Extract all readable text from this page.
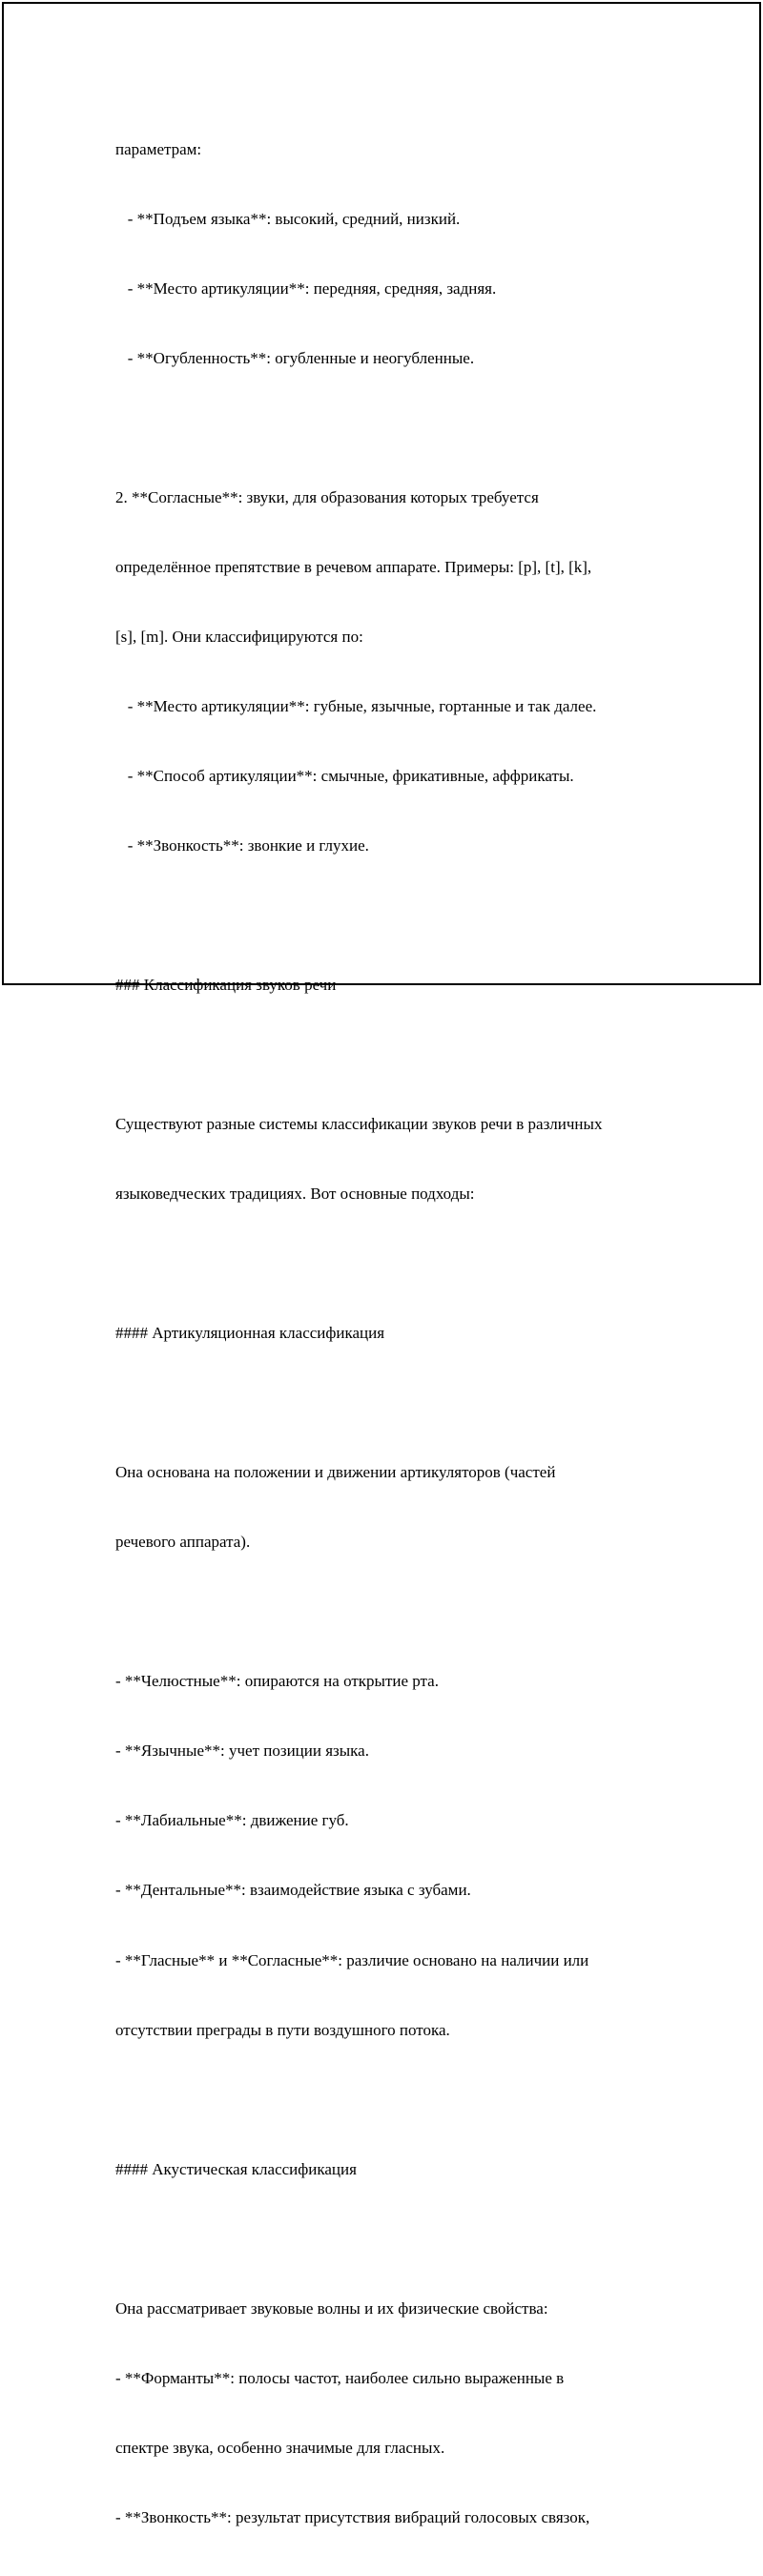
параметрам:

- **Подъем языка**: высокий, средний, низкий.

- **Место артикуляции**: передняя, средняя, задняя.

- **Огубленность**: огубленные и неогубленные.

2. **Согласные**: звуки, для образования которых требуется

определённое препятствие в речевом аппарате. Примеры: [p], [t], [k],

[s], [m]. Они классифицируются по:

- **Место артикуляции**: губные, язычные, гортанные и так далее.

- **Способ артикуляции**: смычные, фрикативные, аффрикаты.

- **Звонкость**: звонкие и глухие.

### Классификация звуков речи

Существуют разные системы классификации звуков речи в различных

языковедческих традициях. Вот основные подходы:

#### Артикуляционная классификация

Она основана на положении и движении артикуляторов (частей

речевого аппарата).

- **Челюстные**: опираются на открытие рта.

- **Язычные**: учет позиции языка.

- **Лабиальные**: движение губ.

- **Дентальные**: взаимодействие языка с зубами.

- **Гласные** и **Согласные**: различие основано на наличии или

отсутствии преграды в пути воздушного потока.

#### Акустическая классификация

Она рассматривает звуковые волны и их физические свойства:

- **Форманты**: полосы частот, наиболее сильно выраженные в

спектре звука, особенно значимые для гласных.

- **Звонкость**: результат присутствия вибраций голосовых связок,
